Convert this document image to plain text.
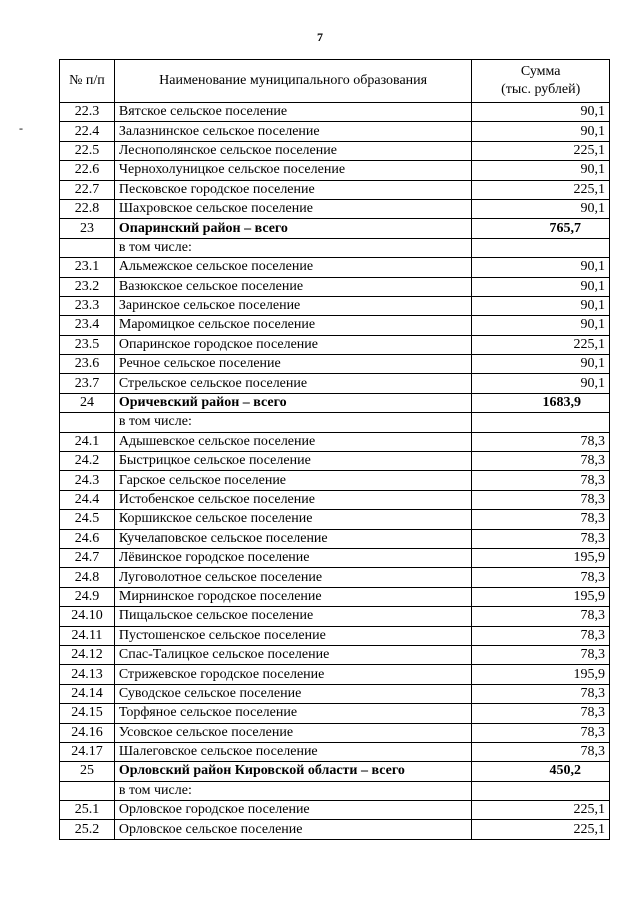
7
-
№ п/п	Наименование муниципального образования	Сумма
(тыс. рублей)

22.3	Вятское сельское поселение	90,1
22.4	Залазнинское сельское поселение	90,1
22.5	Леснополянское сельское поселение	225,1
22.6	Чернохолуницкое сельское поселение	90,1
22.7	Песковское городское поселение	225,1
22.8	Шахровское сельское поселение	90,1
23	Опаринский район – всего	765,7
	в том числе:	
23.1	Альмежское сельское поселение	90,1
23.2	Вазюкское сельское поселение	90,1
23.3	Заринское сельское поселение	90,1
23.4	Маромицкое сельское поселение	90,1
23.5	Опаринское городское поселение	225,1
23.6	Речное сельское поселение	90,1
23.7	Стрельское сельское поселение	90,1
24	Оричевский район – всего	1683,9
	в том числе:	
24.1	Адышевское сельское поселение	78,3
24.2	Быстрицкое сельское поселение	78,3
24.3	Гарское сельское поселение	78,3
24.4	Истобенское сельское поселение	78,3
24.5	Коршикское сельское поселение	78,3
24.6	Кучелаповское сельское поселение	78,3
24.7	Лёвинское городское поселение	195,9
24.8	Луговолотное сельское поселение	78,3
24.9	Мирнинское городское поселение	195,9
24.10	Пищальское сельское поселение	78,3
24.11	Пустошенское сельское поселение	78,3
24.12	Спас-Талицкое сельское поселение	78,3
24.13	Стрижевское городское поселение	195,9
24.14	Суводское сельское поселение	78,3
24.15	Торфяное сельское поселение	78,3
24.16	Усовское сельское поселение	78,3
24.17	Шалеговское сельское поселение	78,3
25	Орловский район Кировской области – всего	450,2
	в том числе:	
25.1	Орловское городское поселение	225,1
25.2	Орловское сельское поселение	225,1
